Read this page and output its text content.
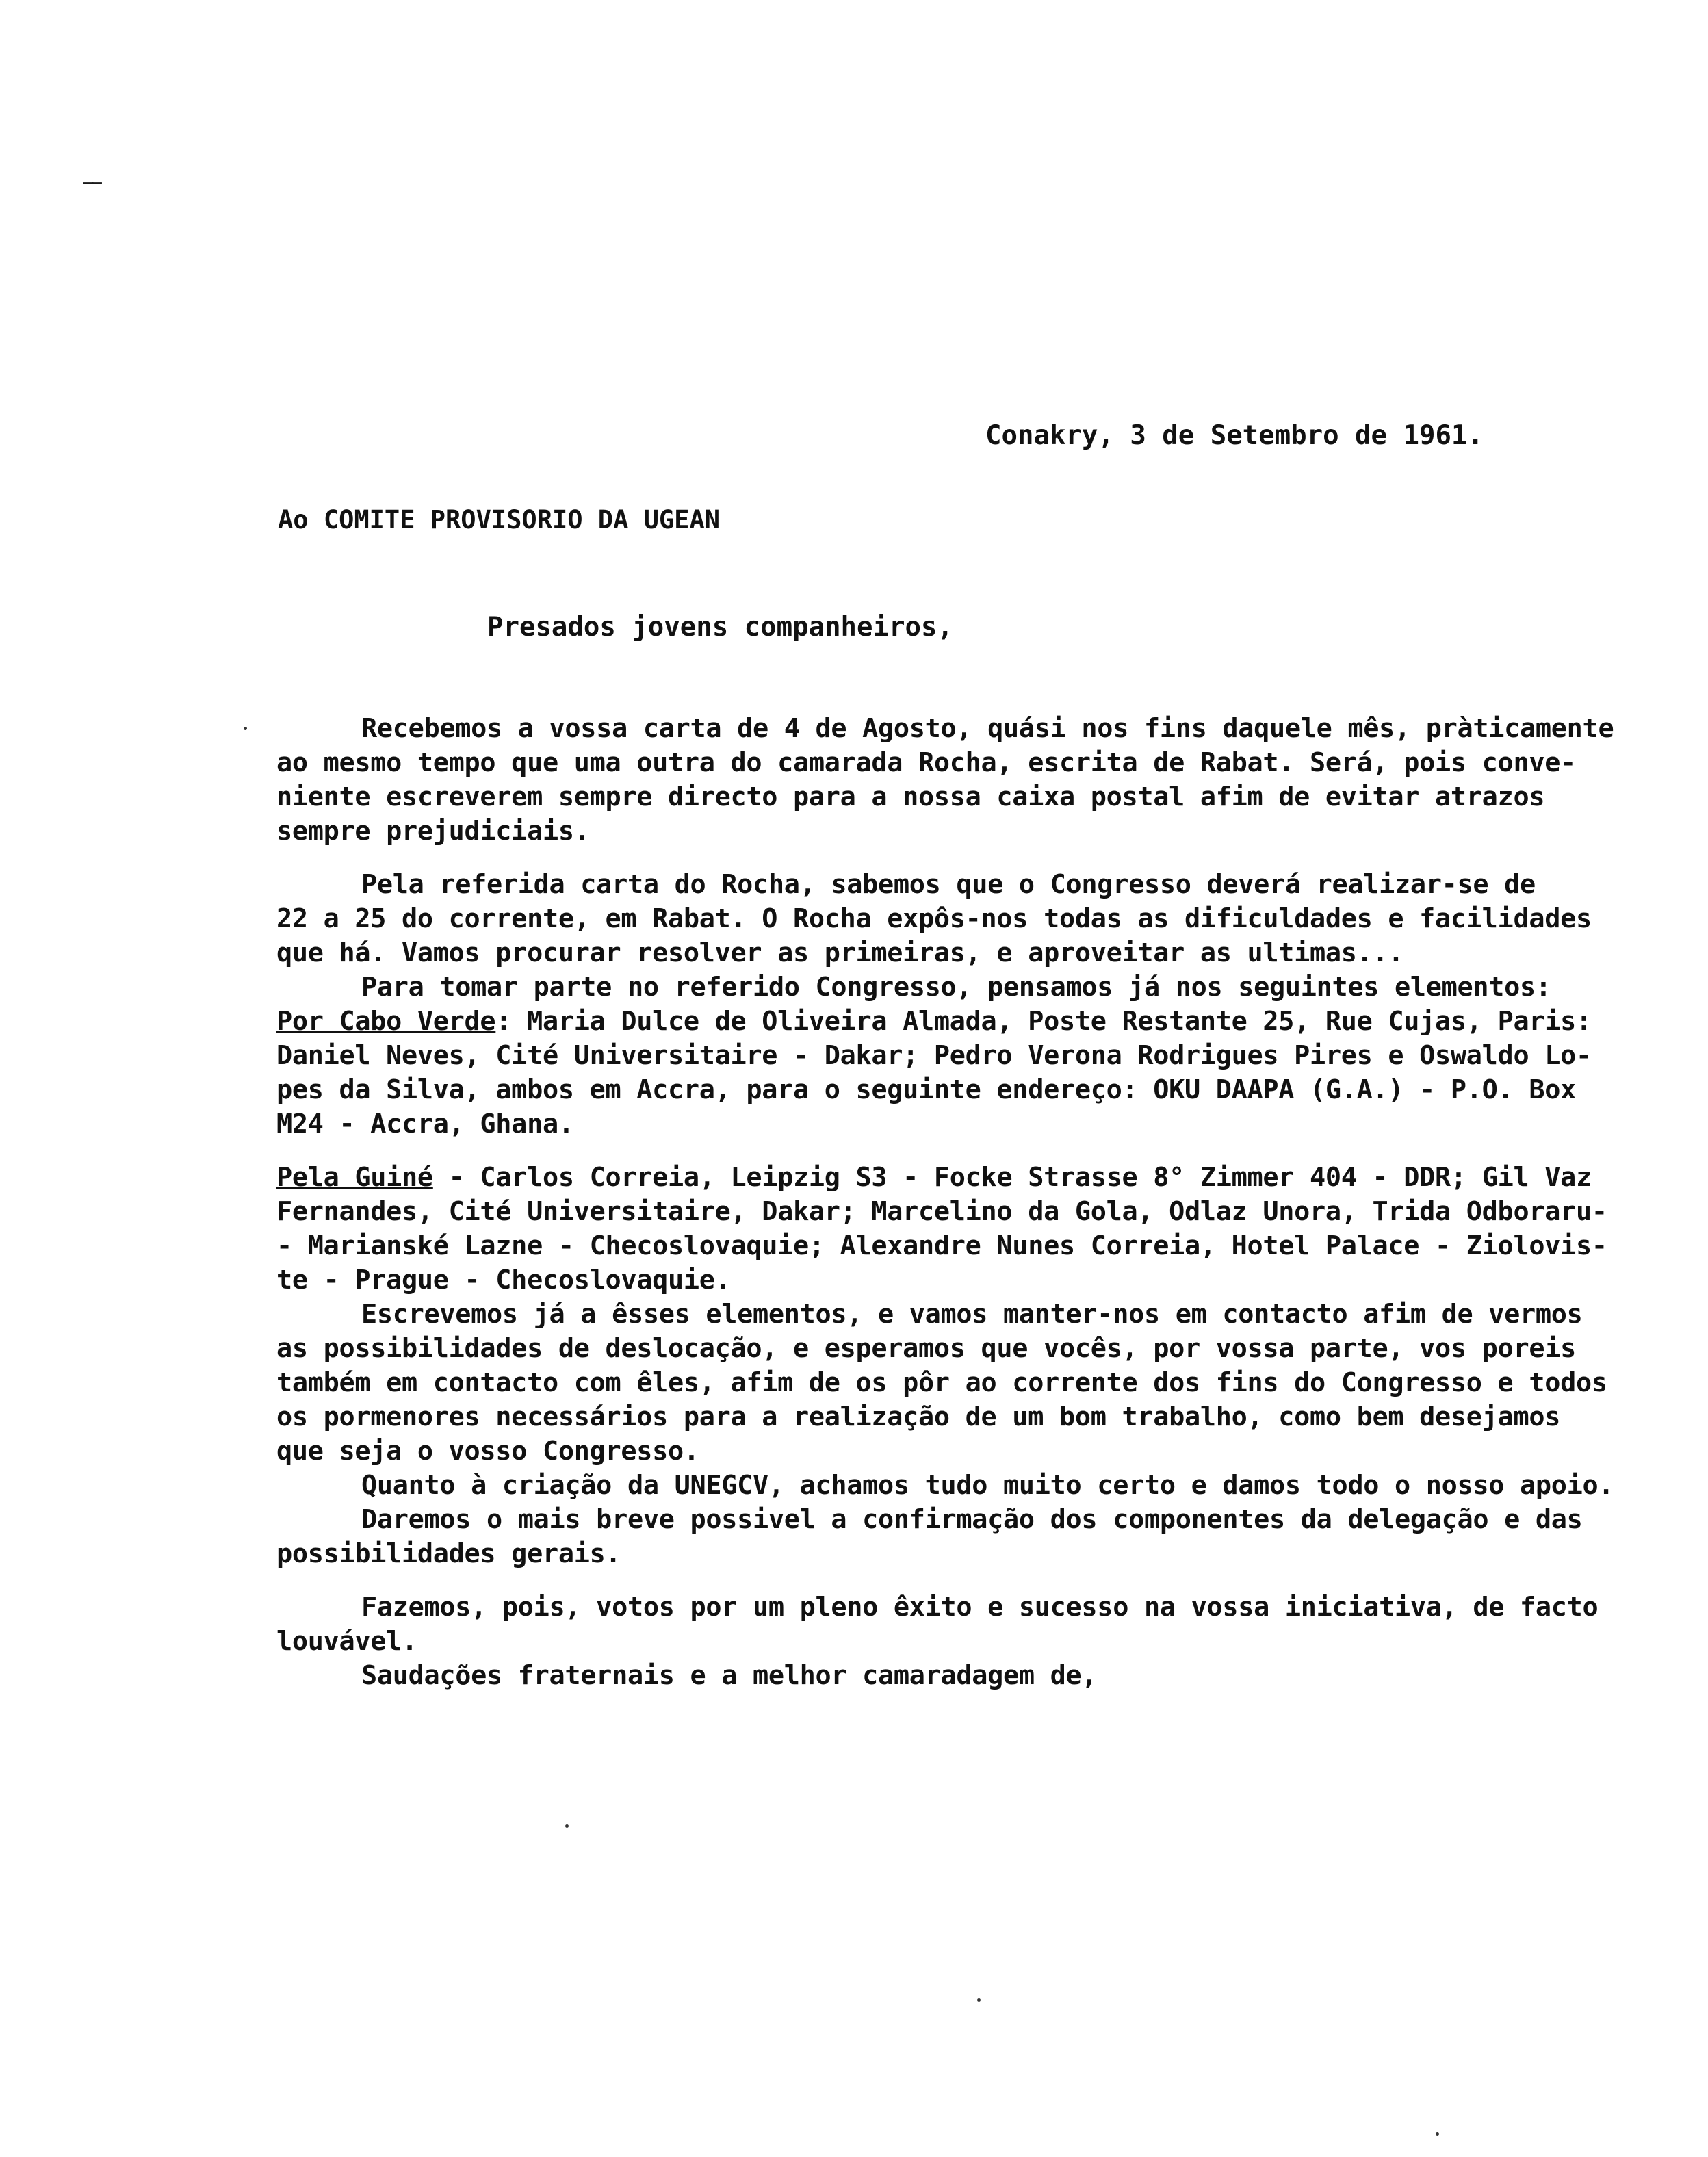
——
Conakry, 3 de Setembro de 1961.
Ao COMITE PROVISORIO DA UGEAN
Presados jovens companheiros,
Recebemos a vossa carta de 4 de Agosto, quási nos fins daquele mês, pràticamente
ao mesmo tempo que uma outra do camarada Rocha, escrita de Rabat. Será, pois conve-
niente escreverem sempre directo para a nossa caixa postal afim de evitar atrazos
sempre prejudiciais.
Pela referida carta do Rocha, sabemos que o Congresso deverá realizar-se de
22 a 25 do corrente, em Rabat. O Rocha expôs-nos todas as dificuldades e facilidades
que há. Vamos procurar resolver as primeiras, e aproveitar as ultimas...
Para tomar parte no referido Congresso, pensamos já nos seguintes elementos:
Por Cabo Verde: Maria Dulce de Oliveira Almada, Poste Restante 25, Rue Cujas, Paris:
Daniel Neves, Cité Universitaire - Dakar; Pedro Verona Rodrigues Pires e Oswaldo Lo-
pes da Silva, ambos em Accra, para o seguinte endereço: OKU DAAPA (G.A.) - P.O. Box
M24 - Accra, Ghana.
Pela Guiné - Carlos Correia, Leipzig S3 - Focke Strasse 8° Zimmer 404 - DDR; Gil Vaz
Fernandes, Cité Universitaire, Dakar; Marcelino da Gola, Odlaz Unora, Trida Odboraru-
- Marianské Lazne - Checoslovaquie; Alexandre Nunes Correia, Hotel Palace - Ziolovis-
te - Prague - Checoslovaquie.
Escrevemos já a êsses elementos, e vamos manter-nos em contacto afim de vermos
as possibilidades de deslocação, e esperamos que vocês, por vossa parte, vos poreis
também em contacto com êles, afim de os pôr ao corrente dos fins do Congresso e todos
os pormenores necessários para a realização de um bom trabalho, como bem desejamos
que seja o vosso Congresso.
Quanto à criação da UNEGCV, achamos tudo muito certo e damos todo o nosso apoio.
Daremos o mais breve possivel a confirmação dos componentes da delegação e das
possibilidades gerais.
Fazemos, pois, votos por um pleno êxito e sucesso na vossa iniciativa, de facto
louvável.
Saudações fraternais e a melhor camaradagem de,
